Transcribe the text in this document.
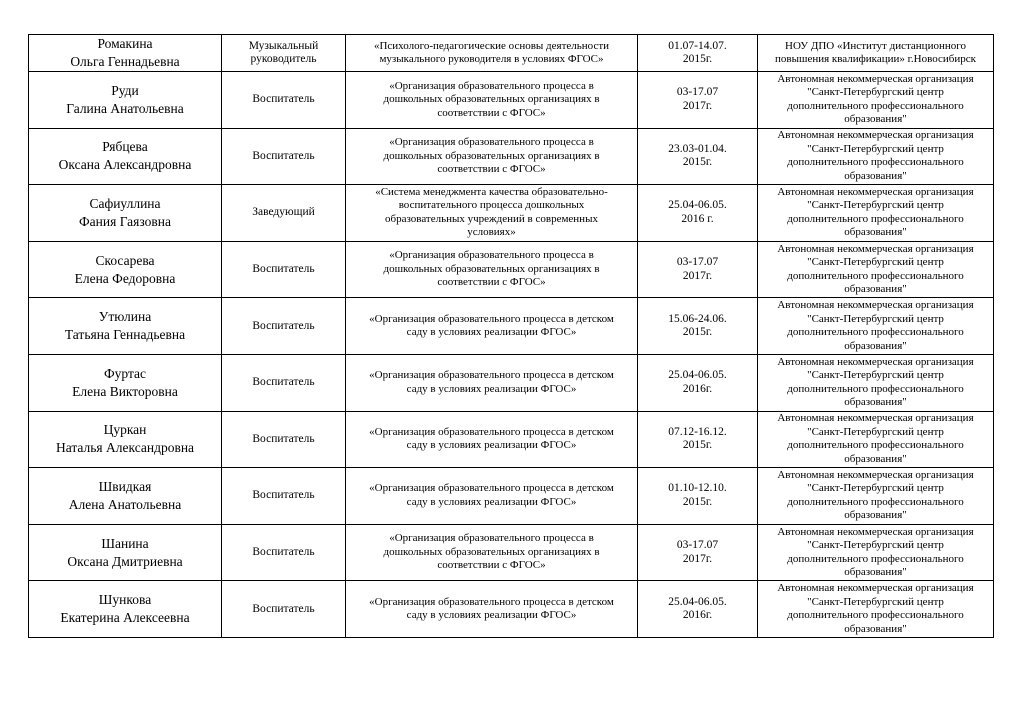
Ромакина
Ольга Геннадьевна	Музыкальный
руководитель	«Психолого-педагогические основы деятельности
музыкального руководителя в условиях ФГОС»	01.07-14.07.
2015г.	НОУ ДПО «Институт дистанционного
повышения квалификации» г.Новосибирск

Руди
Галина Анатольевна	Воспитатель	«Организация образовательного процесса в
дошкольных образовательных организациях в
соответствии с ФГОС»	03-17.07
2017г.	Автономная некоммерческая организация
"Санкт-Петербургский центр
дополнительного профессионального
образования"

Рябцева
Оксана Александровна	Воспитатель	«Организация образовательного процесса в
дошкольных образовательных организациях в
соответствии с ФГОС»	23.03-01.04.
2015г.	Автономная некоммерческая организация
"Санкт-Петербургский центр
дополнительного профессионального
образования"

Сафиуллина
Фания Гаязовна	Заведующий	«Система менеджмента качества образовательно-
воспитательного процесса дошкольных
образовательных учреждений в современных
условиях»	25.04-06.05.
2016 г.	Автономная некоммерческая организация
"Санкт-Петербургский центр
дополнительного профессионального
образования"

Скосарева
Елена Федоровна	Воспитатель	«Организация образовательного процесса в
дошкольных образовательных организациях в
соответствии с ФГОС»	03-17.07
2017г.	Автономная некоммерческая организация
"Санкт-Петербургский центр
дополнительного профессионального
образования"

Утюлина
Татьяна Геннадьевна	Воспитатель	«Организация образовательного процесса в детском
саду в условиях реализации ФГОС»	15.06-24.06.
2015г.	Автономная некоммерческая организация
"Санкт-Петербургский центр
дополнительного профессионального
образования"

Фуртас
Елена Викторовна	Воспитатель	«Организация образовательного процесса в детском
саду в условиях реализации ФГОС»	25.04-06.05.
2016г.	Автономная некоммерческая организация
"Санкт-Петербургский центр
дополнительного профессионального
образования"

Цуркан
Наталья Александровна	Воспитатель	«Организация образовательного процесса в детском
саду в условиях реализации ФГОС»	07.12-16.12.
2015г.	Автономная некоммерческая организация
"Санкт-Петербургский центр
дополнительного профессионального
образования"

Швидкая
Алена Анатольевна	Воспитатель	«Организация образовательного процесса в детском
саду в условиях реализации ФГОС»	01.10-12.10.
2015г.	Автономная некоммерческая организация
"Санкт-Петербургский центр
дополнительного профессионального
образования"

Шанина
Оксана Дмитриевна	Воспитатель	«Организация образовательного процесса в
дошкольных образовательных организациях в
соответствии с ФГОС»	03-17.07
2017г.	Автономная некоммерческая организация
"Санкт-Петербургский центр
дополнительного профессионального
образования"

Шункова
Екатерина Алексеевна	Воспитатель	«Организация образовательного процесса в детском
саду в условиях реализации ФГОС»	25.04-06.05.
2016г.	Автономная некоммерческая организация
"Санкт-Петербургский центр
дополнительного профессионального
образования"
